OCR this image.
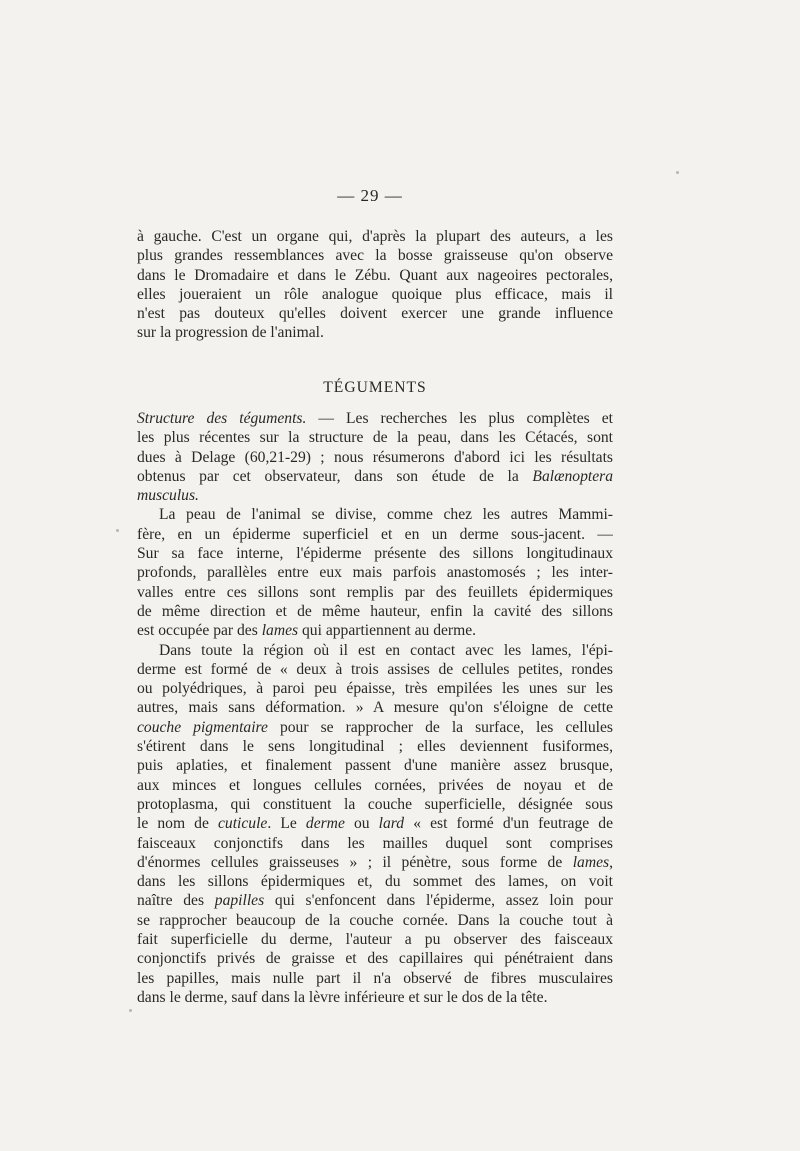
— 29 —
à gauche. C'est un organe qui, d'après la plupart des auteurs, a les
plus grandes ressemblances avec la bosse graisseuse qu'on observe
dans le Dromadaire et dans le Zébu. Quant aux nageoires pectorales,
elles joueraient un rôle analogue quoique plus efficace, mais il
n'est pas douteux qu'elles doivent exercer une grande influence
sur la progression de l'animal.
TÉGUMENTS
Structure des téguments. — Les recherches les plus complètes et
les plus récentes sur la structure de la peau, dans les Cétacés, sont
dues à Delage (60,21-29) ; nous résumerons d'abord ici les résultats
obtenus par cet observateur, dans son étude de la Balænoptera
musculus.
La peau de l'animal se divise, comme chez les autres Mammi-
fère, en un épiderme superficiel et en un derme sous-jacent. —
Sur sa face interne, l'épiderme présente des sillons longitudinaux
profonds, parallèles entre eux mais parfois anastomosés ; les inter-
valles entre ces sillons sont remplis par des feuillets épidermiques
de même direction et de même hauteur, enfin la cavité des sillons
est occupée par des lames qui appartiennent au derme.
Dans toute la région où il est en contact avec les lames, l'épi-
derme est formé de « deux à trois assises de cellules petites, rondes
ou polyédriques, à paroi peu épaisse, très empilées les unes sur les
autres, mais sans déformation. » A mesure qu'on s'éloigne de cette
couche pigmentaire pour se rapprocher de la surface, les cellules
s'étirent dans le sens longitudinal ; elles deviennent fusiformes,
puis aplaties, et finalement passent d'une manière assez brusque,
aux minces et longues cellules cornées, privées de noyau et de
protoplasma, qui constituent la couche superficielle, désignée sous
le nom de cuticule. Le derme ou lard « est formé d'un feutrage de
faisceaux conjonctifs dans les mailles duquel sont comprises
d'énormes cellules graisseuses » ; il pénètre, sous forme de lames,
dans les sillons épidermiques et, du sommet des lames, on voit
naître des papilles qui s'enfoncent dans l'épiderme, assez loin pour
se rapprocher beaucoup de la couche cornée. Dans la couche tout à
fait superficielle du derme, l'auteur a pu observer des faisceaux
conjonctifs privés de graisse et des capillaires qui pénétraient dans
les papilles, mais nulle part il n'a observé de fibres musculaires
dans le derme, sauf dans la lèvre inférieure et sur le dos de la tête.
